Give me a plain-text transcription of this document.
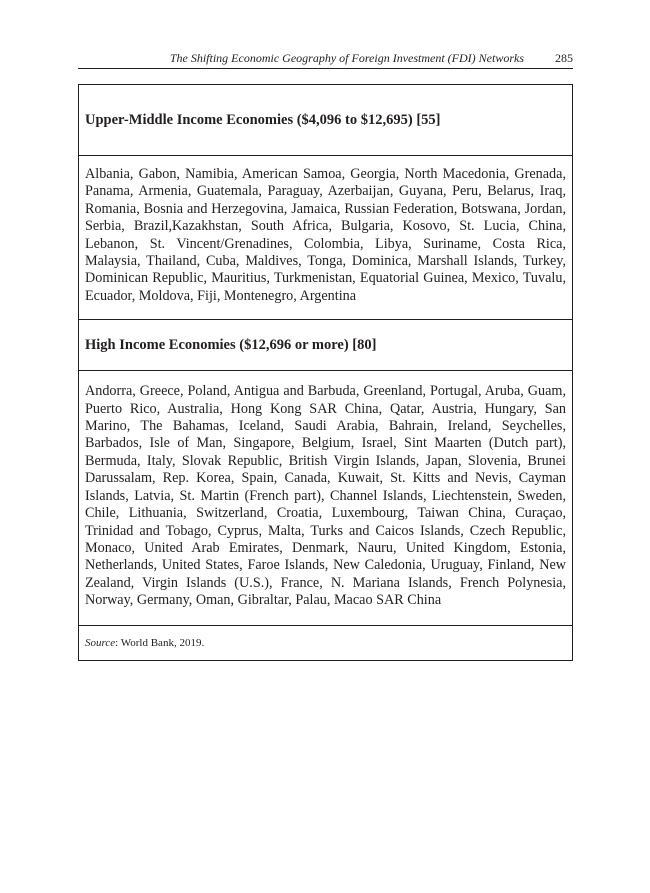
The Shifting Economic Geography of Foreign Investment (FDI) Networks	285
Upper-Middle Income Economies ($4,096 to $12,695) [55]
Albania, Gabon, Namibia, American Samoa, Georgia, North Macedonia, Grenada, Panama, Armenia, Guatemala, Paraguay, Azerbaijan, Guyana, Peru, Belarus, Iraq, Romania, Bosnia and Herzegovina, Jamaica, Russian Federation, Botswana, Jordan, Serbia, Brazil,Kazakhstan, South Africa, Bulgaria, Kosovo, St. Lucia, China, Lebanon, St. Vincent/Grenadines, Colombia, Libya, Suriname, Costa Rica, Malaysia, Thailand, Cuba, Maldives, Tonga, Dominica, Marshall Islands, Turkey, Dominican Republic, Mauritius, Turkmenistan, Equatorial Guinea, Mexico, Tuvalu, Ecuador, Moldova, Fiji, Montenegro, Argentina
High Income Economies ($12,696 or more) [80]
Andorra, Greece, Poland, Antigua and Barbuda, Greenland, Portugal, Aruba, Guam, Puerto Rico, Australia, Hong Kong SAR China, Qatar, Austria, Hungary, San Marino, The Bahamas, Iceland, Saudi Arabia, Bahrain, Ireland, Seychelles, Barbados, Isle of Man, Singapore, Belgium, Israel, Sint Maarten (Dutch part), Bermuda, Italy, Slovak Republic, British Virgin Islands, Japan, Slovenia, Brunei Darussalam, Rep. Korea, Spain, Canada, Kuwait, St. Kitts and Nevis, Cayman Islands, Latvia, St. Martin (French part), Channel Islands, Liechtenstein, Sweden, Chile, Lithuania, Switzerland, Croatia, Luxembourg, Taiwan China, Curaçao, Trinidad and Tobago, Cyprus, Malta, Turks and Caicos Islands, Czech Republic, Monaco, United Arab Emirates, Denmark, Nauru, United Kingdom, Estonia, Netherlands, United States, Faroe Islands, New Caledonia, Uruguay, Finland, New Zealand, Virgin Islands (U.S.), France, N. Mariana Islands, French Polynesia, Norway, Germany, Oman, Gibraltar, Palau, Macao SAR China
Source: World Bank, 2019.
